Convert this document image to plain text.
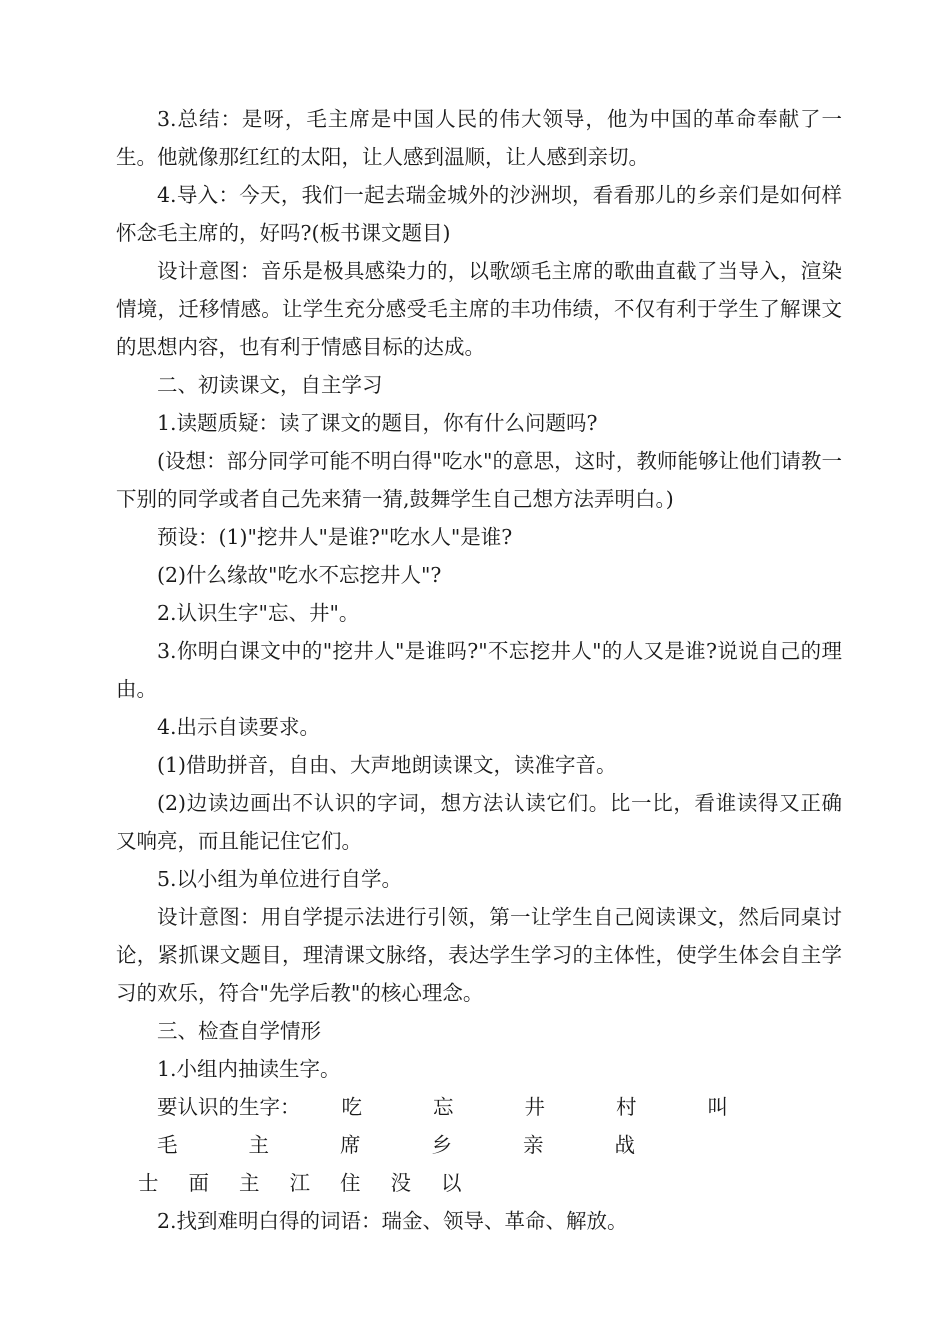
3.总结：是呀，毛主席是中国人民的伟大领导，他为中国的革命奉献了一生。他就像那红红的太阳，让人感到温顺，让人感到亲切。

4.导入：今天，我们一起去瑞金城外的沙洲坝，看看那儿的乡亲们是如何样怀念毛主席的，好吗?(板书课文题目)

设计意图：音乐是极具感染力的，以歌颂毛主席的歌曲直截了当导入，渲染情境，迁移情感。让学生充分感受毛主席的丰功伟绩，不仅有利于学生了解课文的思想内容，也有利于情感目标的达成。

二、初读课文，自主学习

1.读题质疑：读了课文的题目，你有什么问题吗?

(设想：部分同学可能不明白得"吃水"的意思，这时，教师能够让他们请教一下别的同学或者自己先来猜一猜,鼓舞学生自己想方法弄明白。)

预设：(1)"挖井人"是谁?"吃水人"是谁?

(2)什么缘故"吃水不忘挖井人"?

2.认识生字"忘、井"。

3.你明白课文中的"挖井人"是谁吗?"不忘挖井人"的人又是谁?说说自己的理由。

4.出示自读要求。

(1)借助拼音，自由、大声地朗读课文，读准字音。

(2)边读边画出不认识的字词，想方法认读它们。比一比，看谁读得又正确又响亮，而且能记住它们。

5.以小组为单位进行自学。

设计意图：用自学提示法进行引领，第一让学生自己阅读课文，然后同桌讨论，紧抓课文题目，理清课文脉络，表达学生学习的主体性，使学生体会自主学习的欢乐，符合"先学后教"的核心理念。

三、检查自学情形

1.小组内抽读生字。

要认识的生字： 吃	忘	井	村	叫毛	主	席	乡	亲	战
士 面 主 江 住 没 以

2.找到难明白得的词语：瑞金、领导、革命、解放。
